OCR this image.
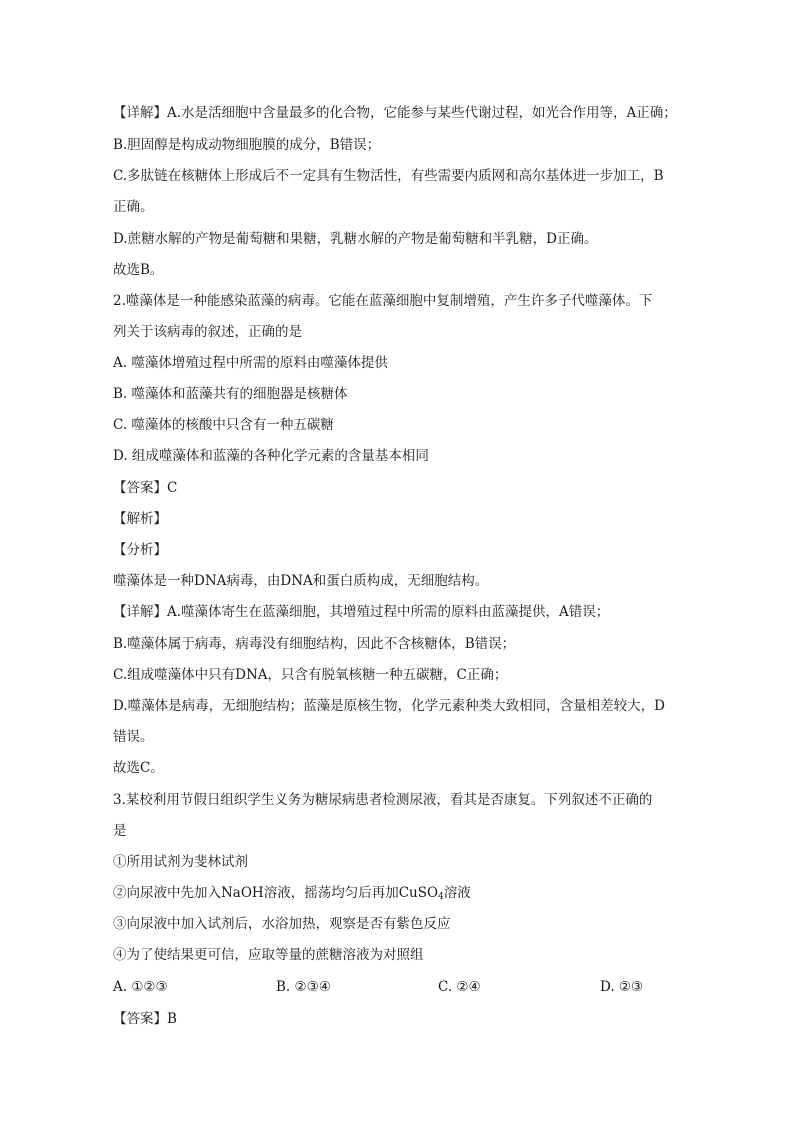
【详解】A.水是活细胞中含量最多的化合物，它能参与某些代谢过程，如光合作用等，A正确；
B.胆固醇是构成动物细胞膜的成分，B错误；
C.多肽链在核糖体上形成后不一定具有生物活性，有些需要内质网和高尔基体进一步加工，B
正确。
D.蔗糖水解的产物是葡萄糖和果糖，乳糖水解的产物是葡萄糖和半乳糖，D正确。
故选B。
2.噬藻体是一种能感染蓝藻的病毒。它能在蓝藻细胞中复制增殖，产生许多子代噬藻体。下
列关于该病毒的叙述，正确的是
A. 噬藻体增殖过程中所需的原料由噬藻体提供
B. 噬藻体和蓝藻共有的细胞器是核糖体
C. 噬藻体的核酸中只含有一种五碳糖
D. 组成噬藻体和蓝藻的各种化学元素的含量基本相同
【答案】C
【解析】
【分析】
噬藻体是一种DNA病毒，由DNA和蛋白质构成，无细胞结构。
【详解】A.噬藻体寄生在蓝藻细胞，其增殖过程中所需的原料由蓝藻提供，A错误；
B.噬藻体属于病毒，病毒没有细胞结构，因此不含核糖体，B错误；
C.组成噬藻体中只有DNA，只含有脱氧核糖一种五碳糖，C正确；
D.噬藻体是病毒，无细胞结构；蓝藻是原核生物，化学元素种类大致相同，含量相差较大，D
错误。
故选C。
3.某校利用节假日组织学生义务为糖尿病患者检测尿液，看其是否康复。下列叙述不正确的
是
①所用试剂为斐林试剂
②向尿液中先加入NaOH溶液，摇荡均匀后再加CuSO$_4$溶液
③向尿液中加入试剂后，水浴加热，观察是否有紫色反应
④为了使结果更可信，应取等量的蔗糖溶液为对照组
A. ①②③	B. ②③④	C. ②④	D. ②③
【答案】B
